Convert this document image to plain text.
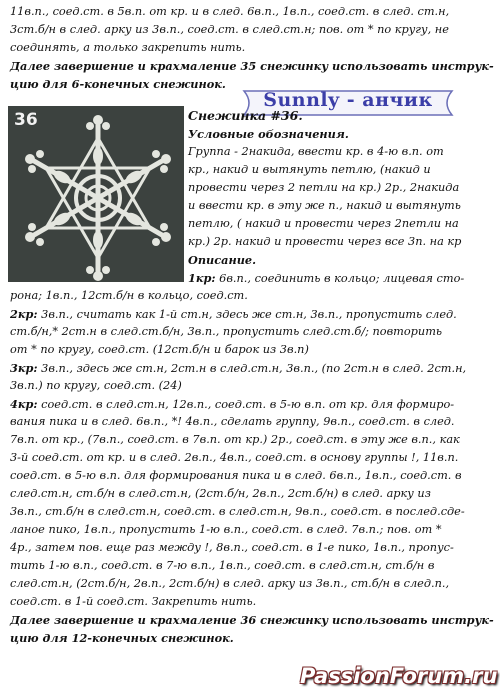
11в.п., соед.ст. в 5в.п. от кр. и в след. 6в.п., 1в.п., соед.ст. в след. ст.н,
3ст.б/н в след. арку из 3в.п., соед.ст. в след.ст.н; пов. от * по кругу, не
соединять, а только закрепить нить.
Далее завершение и крахмаление 35 снежинку использовать инструк-
цию для 6-конечных снежинок.
Sunnly - анчик
36	Снежинка #36.
Условные обозначения.
Группа - 2накида, ввести кр. в 4-ю в.п. от
кр., накид и вытянуть петлю, (накид и
провести через 2 петли на кр.) 2р., 2накида
и ввести кр. в эту же п., накид и вытянуть
петлю, ( накид и провести через 2петли на
кр.) 2р. накид и провести через все 3п. на кр
Описание.
1кр: 6в.п., соединить в кольцо; лицевая сто-
рона; 1в.п., 12ст.б/н в кольцо, соед.ст.
2кр: 3в.п., считать как 1-й ст.н, здесь же ст.н, 3в.п., пропустить след.
ст.б/н,* 2ст.н в след.ст.б/н, 3в.п., пропустить след.ст.б/; повторить
от * по кругу, соед.ст. (12ст.б/н и барок из 3в.п)
3кр: 3в.п., здесь же ст.н, 2ст.н в след.ст.н, 3в.п., (по 2ст.н в след. 2ст.н,
3в.п.) по кругу, соед.ст. (24)
4кр: соед.ст. в след.ст.н, 12в.п., соед.ст. в 5-ю в.п. от кр. для формиро-
вания пика и в след. 6в.п., *! 4в.п., сделать группу, 9в.п., соед.ст. в след.
7в.п. от кр., (7в.п., соед.ст. в 7в.п. от кр.) 2р., соед.ст. в эту же в.п., как
3-й соед.ст. от кр. и в след. 2в.п., 4в.п., соед.ст. в основу группы !, 11в.п.
соед.ст. в 5-ю в.п. для формирования пика и в след. 6в.п., 1в.п., соед.ст. в
след.ст.н, ст.б/н в след.ст.н, (2ст.б/н, 2в.п., 2ст.б/н) в след. арку из
3в.п., ст.б/н в след.ст.н, соед.ст. в след.ст.н, 9в.п., соед.ст. в послед.сде-
ланое пико, 1в.п., пропустить 1-ю в.п., соед.ст. в след. 7в.п.; пов. от *
4р., затем пов. еще раз между !, 8в.п., соед.ст. в 1-е пико, 1в.п., пропус-
тить 1-ю в.п., соед.ст. в 7-ю в.п., 1в.п., соед.ст. в след.ст.н, ст.б/н в
след.ст.н, (2ст.б/н, 2в.п., 2ст.б/н) в след. арку из 3в.п., ст.б/н в след.п.,
соед.ст. в 1-й соед.ст. Закрепить нить.
Далее завершение и крахмаление 36 снежинку использовать инструк-
цию для 12-конечных снежинок.
PassionForum.ru
